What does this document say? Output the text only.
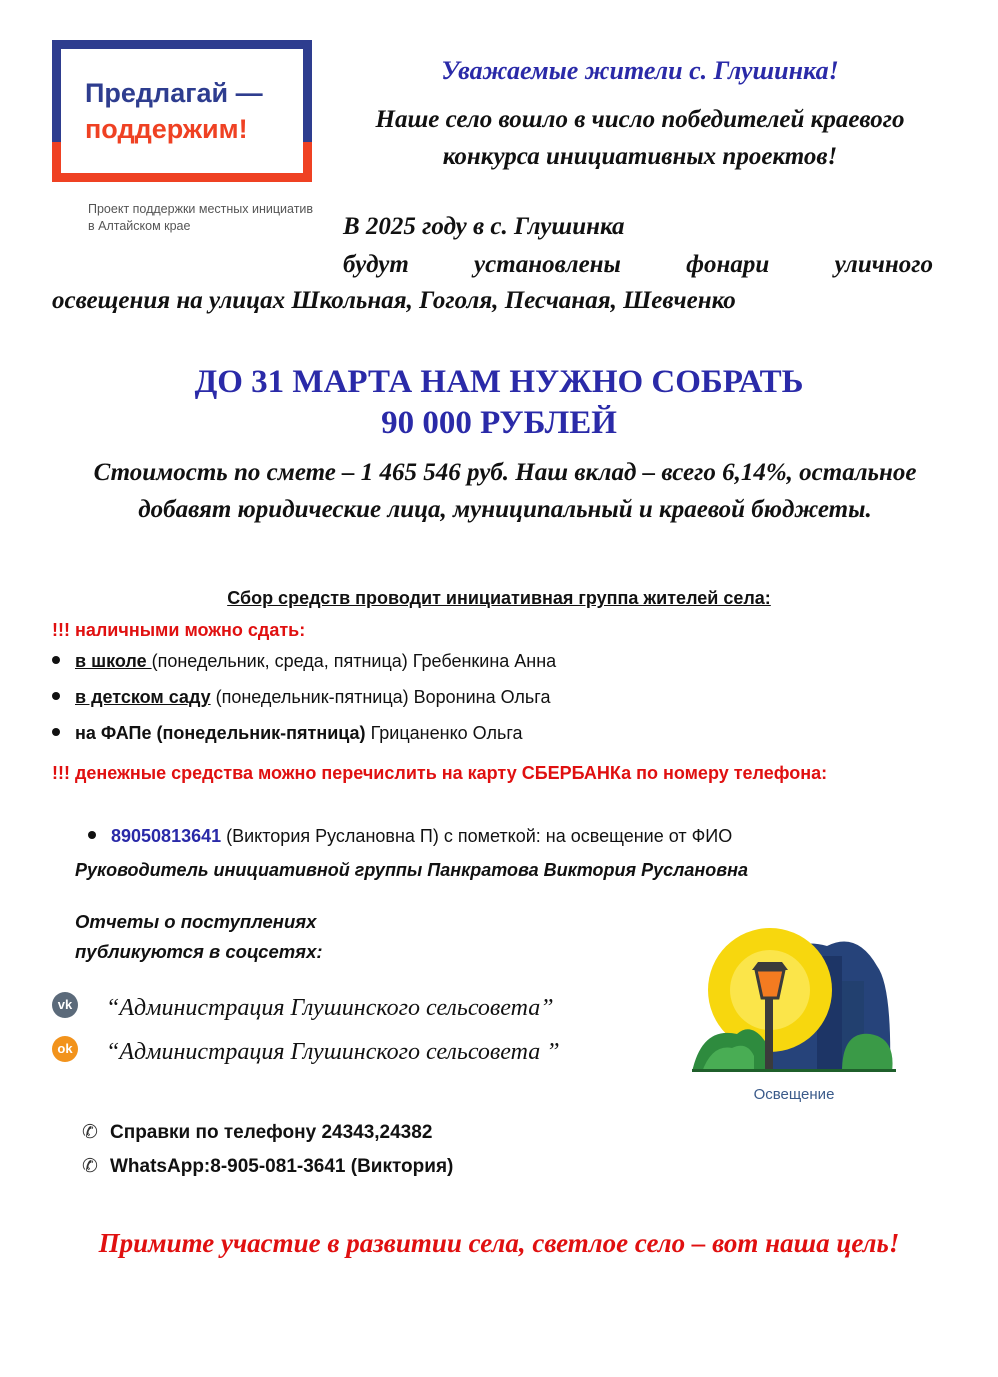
Предлагай —
поддержим!
Проект поддержки местных инициатив в Алтайском крае
Уважаемые жители с. Глушинка!
Наше село вошло в число победителей краевого конкурса инициативных проектов!
В 2025 году в с. Глушинка
будут установлены фонари уличного
освещения на улицах Школьная, Гоголя, Песчаная, Шевченко
ДО 31 МАРТА НАМ НУЖНО СОБРАТЬ
90 000 РУБЛЕЙ
Стоимость по смете – 1 465 546 руб. Наш вклад – всего 6,14%, остальное добавят юридические лица, муниципальный и краевой бюджеты.
Сбор средств проводит инициативная группа жителей села:
!!! наличными можно сдать:
в школе (понедельник, среда, пятница) Гребенкина Анна
в детском саду (понедельник-пятница) Воронина Ольга
на ФАПе (понедельник-пятница) Грицаненко Ольга
!!! денежные средства можно перечислить на карту СБЕРБАНКа по номеру телефона:
89050813641 (Виктория Руслановна П) с пометкой: на освещение от ФИО
Руководитель инициативной группы Панкратова Виктория Руслановна
Отчеты о поступлениях
публикуются в соцсетях:
vk “Администрация Глушинского сельсовета”
ok “Администрация Глушинского сельсовета ”
Освещение
✆ Справки по телефону 24343,24382
✆ WhatsApp:8-905-081-3641 (Виктория)
Примите участие в развитии села, светлое село – вот наша цель!
